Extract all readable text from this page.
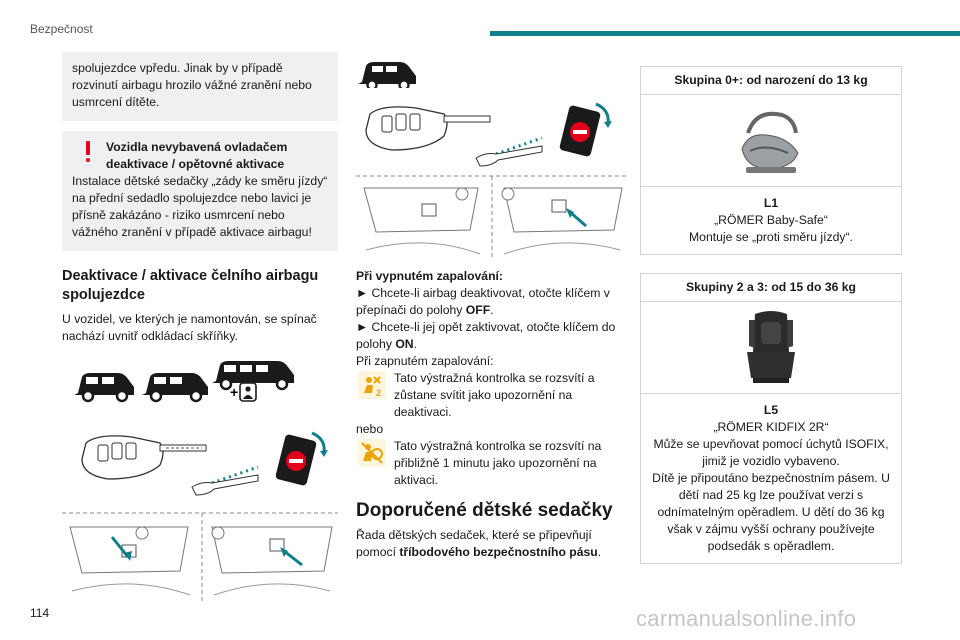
Bezpečnost
spolujezdce vpředu. Jinak by v případě rozvinutí airbagu hrozilo vážné zranění nebo usmrcení dítěte.
Vozidla nevybavená ovladačem deaktivace / opětovné aktivace
Instalace dětské sedačky „zády ke směru jízdy“ na přední sedadlo spolujezdce nebo lavici je přísně zakázáno - riziko usmrcení nebo vážného zranění v případě aktivace airbagu!
Deaktivace / aktivace čelního airbagu spolujezdce

U vozidel, ve kterých je namontován, se spínač nachází uvnitř odkládací skříňky.

+

Při vypnutém zapalování:

► Chcete-li airbag deaktivovat, otočte klíčem v přepínači do polohy OFF.
► Chcete-li jej opět zaktivovat, otočte klíčem do polohy ON.
Při zapnutém zapalování:
2
Tato výstražná kontrolka se rozsvítí a zůstane svítit jako upozornění na deaktivaci.
nebo
Tato výstražná kontrolka se rozsvítí na přibližně 1 minutu jako upozornění na aktivaci.
Doporučené dětské sedačky

Řada dětských sedaček, které se připevňují pomocí tříbodového bezpečnostního pásu.

Skupina 0+: od narození do 13 kg
L1
„RÖMER Baby-Safe“
Montuje se „proti směru jízdy“.
Skupiny 2 a 3: od 15 do 36 kg
L5
„RÖMER KIDFIX 2R“
Může se upevňovat pomocí úchytů ISOFIX, jimiž je vozidlo vybaveno.
Dítě je připoutáno bezpečnostním pásem. U dětí nad 25 kg lze používat verzi s odnímatelným opěradlem. U dětí do 36 kg však v zájmu vyšší ochrany používejte podsedák s opěradlem.
114	carmanualsonline.info
